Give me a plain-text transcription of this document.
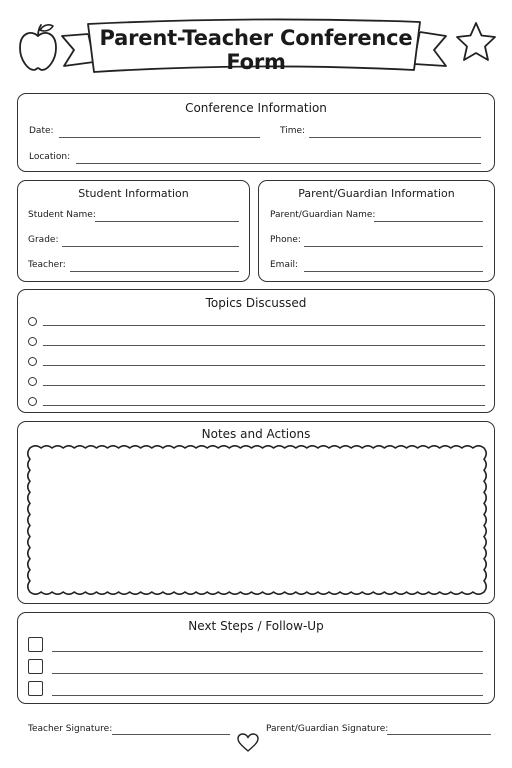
Parent-Teacher Conference Form
Conference Information
Date:	Time:
Location:
Student Information
Student Name:
Grade:
Teacher:
Parent/Guardian Information
Parent/Guardian Name:
Phone:
Email:
Topics Discussed
Notes and Actions
Next Steps / Follow-Up
Teacher Signature:	Parent/Guardian Signature:
